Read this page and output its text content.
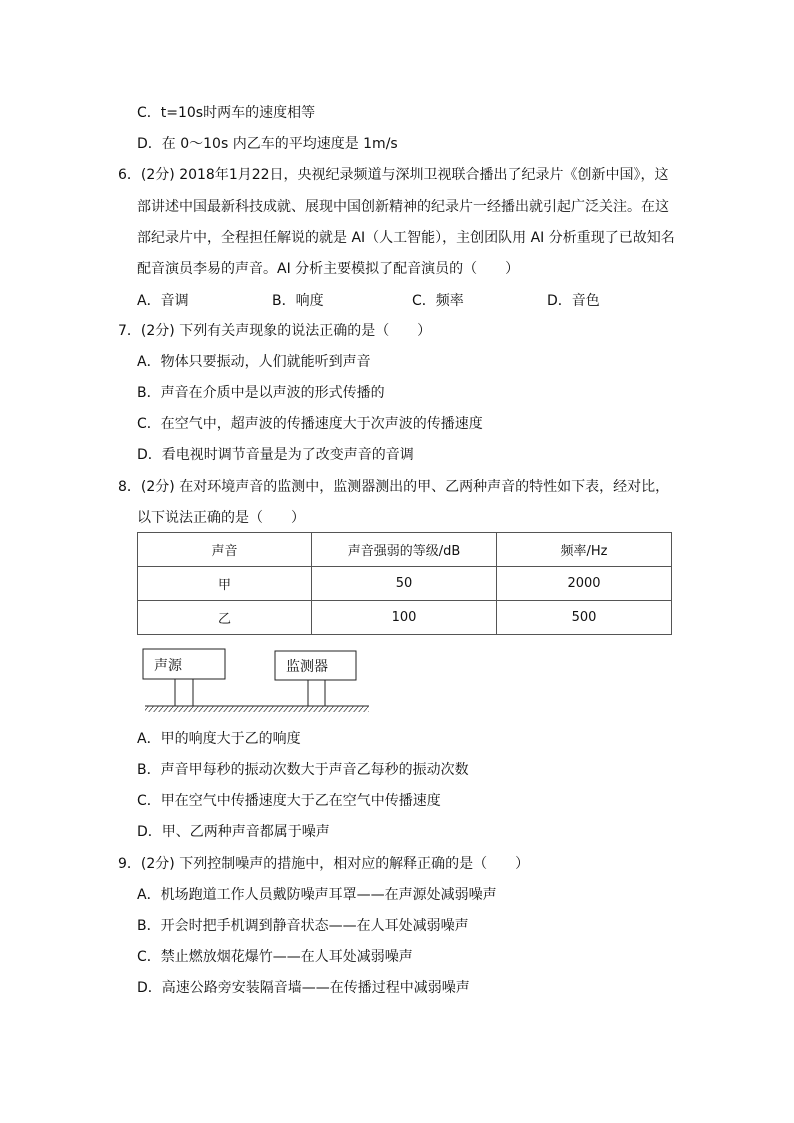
C．t=10s时两车的速度相等
D．在 0～10s 内乙车的平均速度是 1m/s
6．(2分) 2018年1月22日，央视纪录频道与深圳卫视联合播出了纪录片《创新中国》，这
部讲述中国最新科技成就、展现中国创新精神的纪录片一经播出就引起广泛关注。在这
部纪录片中，全程担任解说的就是 AI（人工智能），主创团队用 AI 分析重现了已故知名
配音演员李易的声音。AI 分析主要模拟了配音演员的（　　）
A．音调	B．响度	C．频率	D．音色
7．(2分) 下列有关声现象的说法正确的是（　　）
A．物体只要振动，人们就能听到声音
B．声音在介质中是以声波的形式传播的
C．在空气中，超声波的传播速度大于次声波的传播速度
D．看电视时调节音量是为了改变声音的音调
8．(2分) 在对环境声音的监测中，监测器测出的甲、乙两种声音的特性如下表，经对比，
以下说法正确的是（　　）
声音	声音强弱的等级/dB	频率/Hz
甲	50	2000
乙	100	500
声源	监测器
A．甲的响度大于乙的响度
B．声音甲每秒的振动次数大于声音乙每秒的振动次数
C．甲在空气中传播速度大于乙在空气中传播速度
D．甲、乙两种声音都属于噪声
9．(2分) 下列控制噪声的措施中，相对应的解释正确的是（　　）
A．机场跑道工作人员戴防噪声耳罩——在声源处减弱噪声
B．开会时把手机调到静音状态——在人耳处减弱噪声
C．禁止燃放烟花爆竹——在人耳处减弱噪声
D．高速公路旁安装隔音墙——在传播过程中减弱噪声
